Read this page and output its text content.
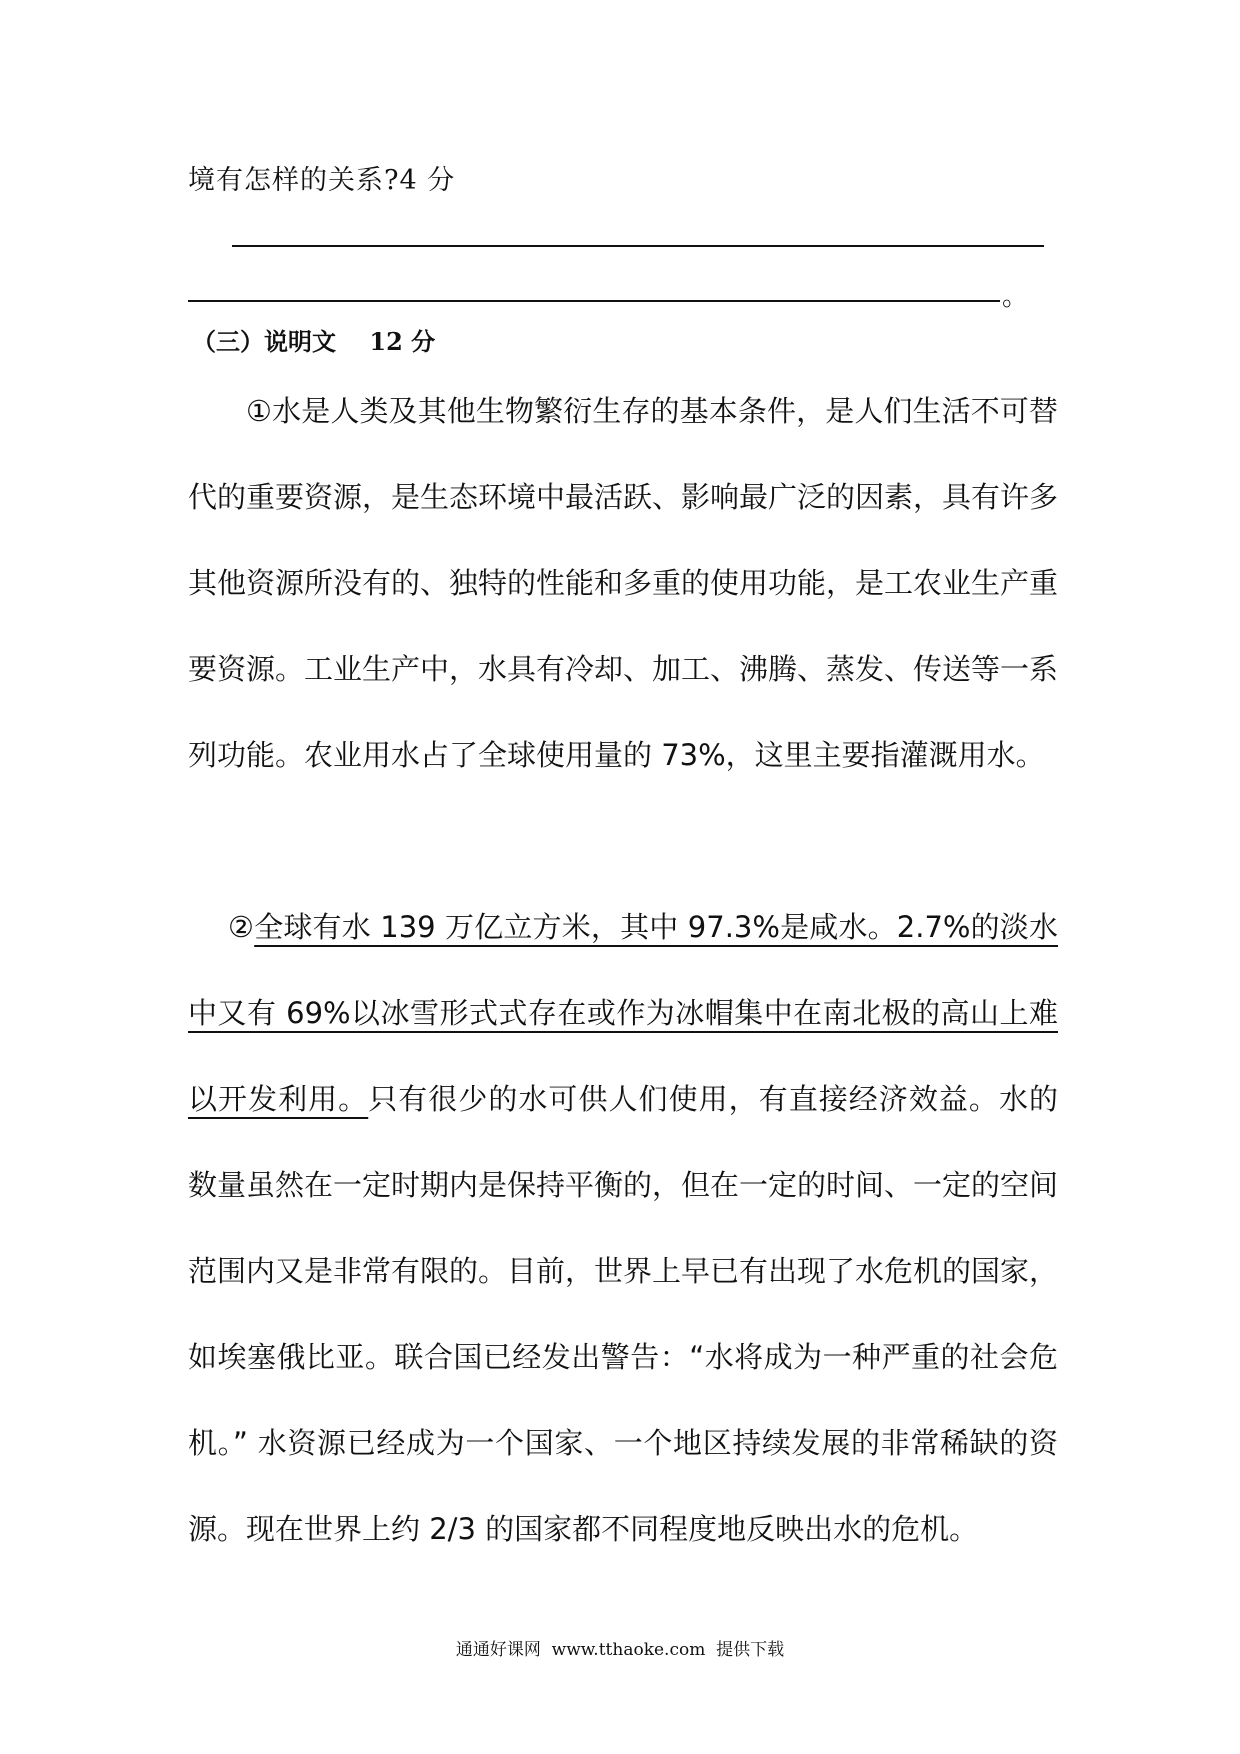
境有怎样的关系?4 分
。
（三）说明文    12 分
①水是人类及其他生物繁衍生存的基本条件，是人们生活不可替代的重要资源，是生态环境中最活跃、影响最广泛的因素，具有许多其他资源所没有的、独特的性能和多重的使用功能，是工农业生产重要资源。工业生产中，水具有冷却、加工、沸腾、蒸发、传送等一系列功能。农业用水占了全球使用量的 73%，这里主要指灌溉用水。
②全球有水 139 万亿立方米，其中 97.3%是咸水。2.7%的淡水中又有 69%以冰雪形式式存在或作为冰帽集中在南北极的高山上难以开发利用。只有很少的水可供人们使用，有直接经济效益。水的数量虽然在一定时期内是保持平衡的，但在一定的时间、一定的空间范围内又是非常有限的。目前，世界上早已有出现了水危机的国家，如埃塞俄比亚。联合国已经发出警告：“水将成为一种严重的社会危机。” 水资源已经成为一个国家、一个地区持续发展的非常稀缺的资源。现在世界上约 2/3 的国家都不同程度地反映出水的危机。
通通好课网  www.tthaoke.com  提供下载
